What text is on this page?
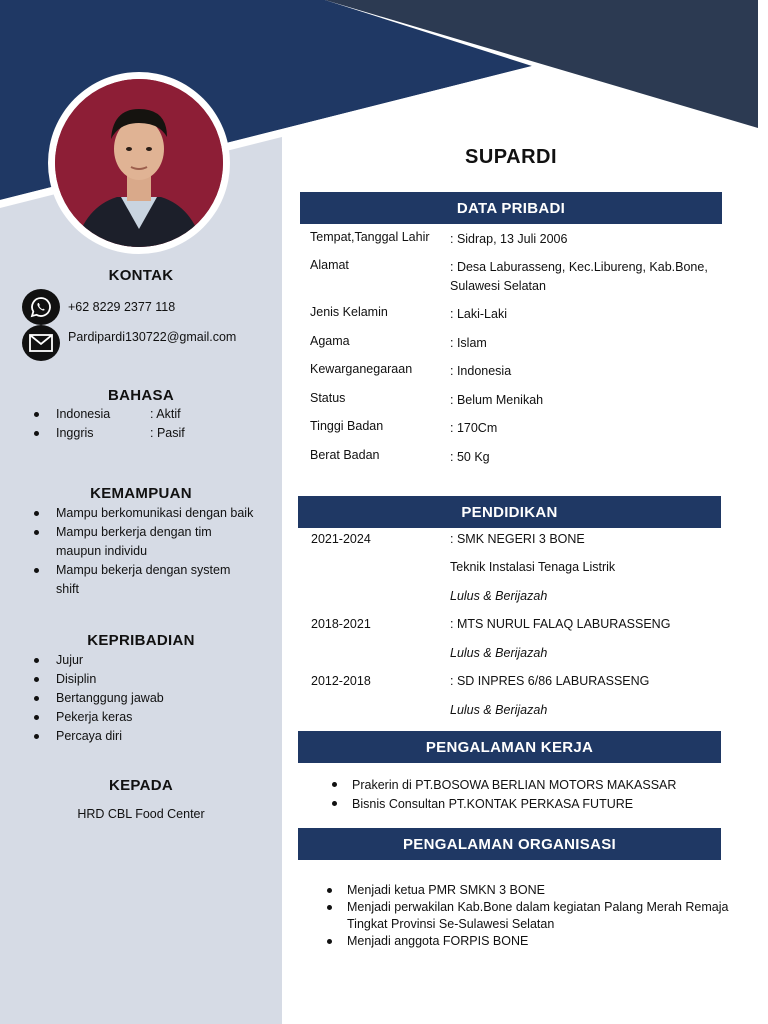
KONTAK
+62 8229 2377 118
Pardipardi130722@gmail.com
BAHASA
Indonesia	: Aktif
Inggris	: Pasif
KEMAMPUAN
Mampu berkomunikasi dengan baik
Mampu berkerja dengan tim maupun individu
Mampu bekerja dengan system shift
KEPRIBADIAN
Jujur
Disiplin
Bertanggung jawab
Pekerja keras
Percaya diri
KEPADA
HRD CBL Food Center
SUPARDI
DATA PRIBADI
Tempat,Tanggal Lahir	: Sidrap, 13 Juli 2006
Alamat	: Desa Laburasseng, Kec.Libureng, Kab.Bone, Sulawesi Selatan
Jenis Kelamin	: Laki-Laki
Agama	: Islam
Kewarganegaraan	: Indonesia
Status	: Belum Menikah
Tinggi Badan	: 170Cm
Berat Badan	: 50 Kg
PENDIDIKAN
2021-2024	: SMK NEGERI 3 BONE
Teknik Instalasi Tenaga Listrik
Lulus & Berijazah
2018-2021	: MTS NURUL FALAQ LABURASSENG
Lulus & Berijazah
2012-2018	: SD INPRES 6/86 LABURASSENG
Lulus & Berijazah
PENGALAMAN KERJA
Prakerin di PT.BOSOWA BERLIAN MOTORS MAKASSAR
Bisnis Consultan PT.KONTAK PERKASA FUTURE
PENGALAMAN ORGANISASI
Menjadi ketua PMR SMKN 3 BONE
Menjadi perwakilan Kab.Bone dalam kegiatan Palang Merah Remaja Tingkat Provinsi Se-Sulawesi Selatan
Menjadi anggota FORPIS BONE
